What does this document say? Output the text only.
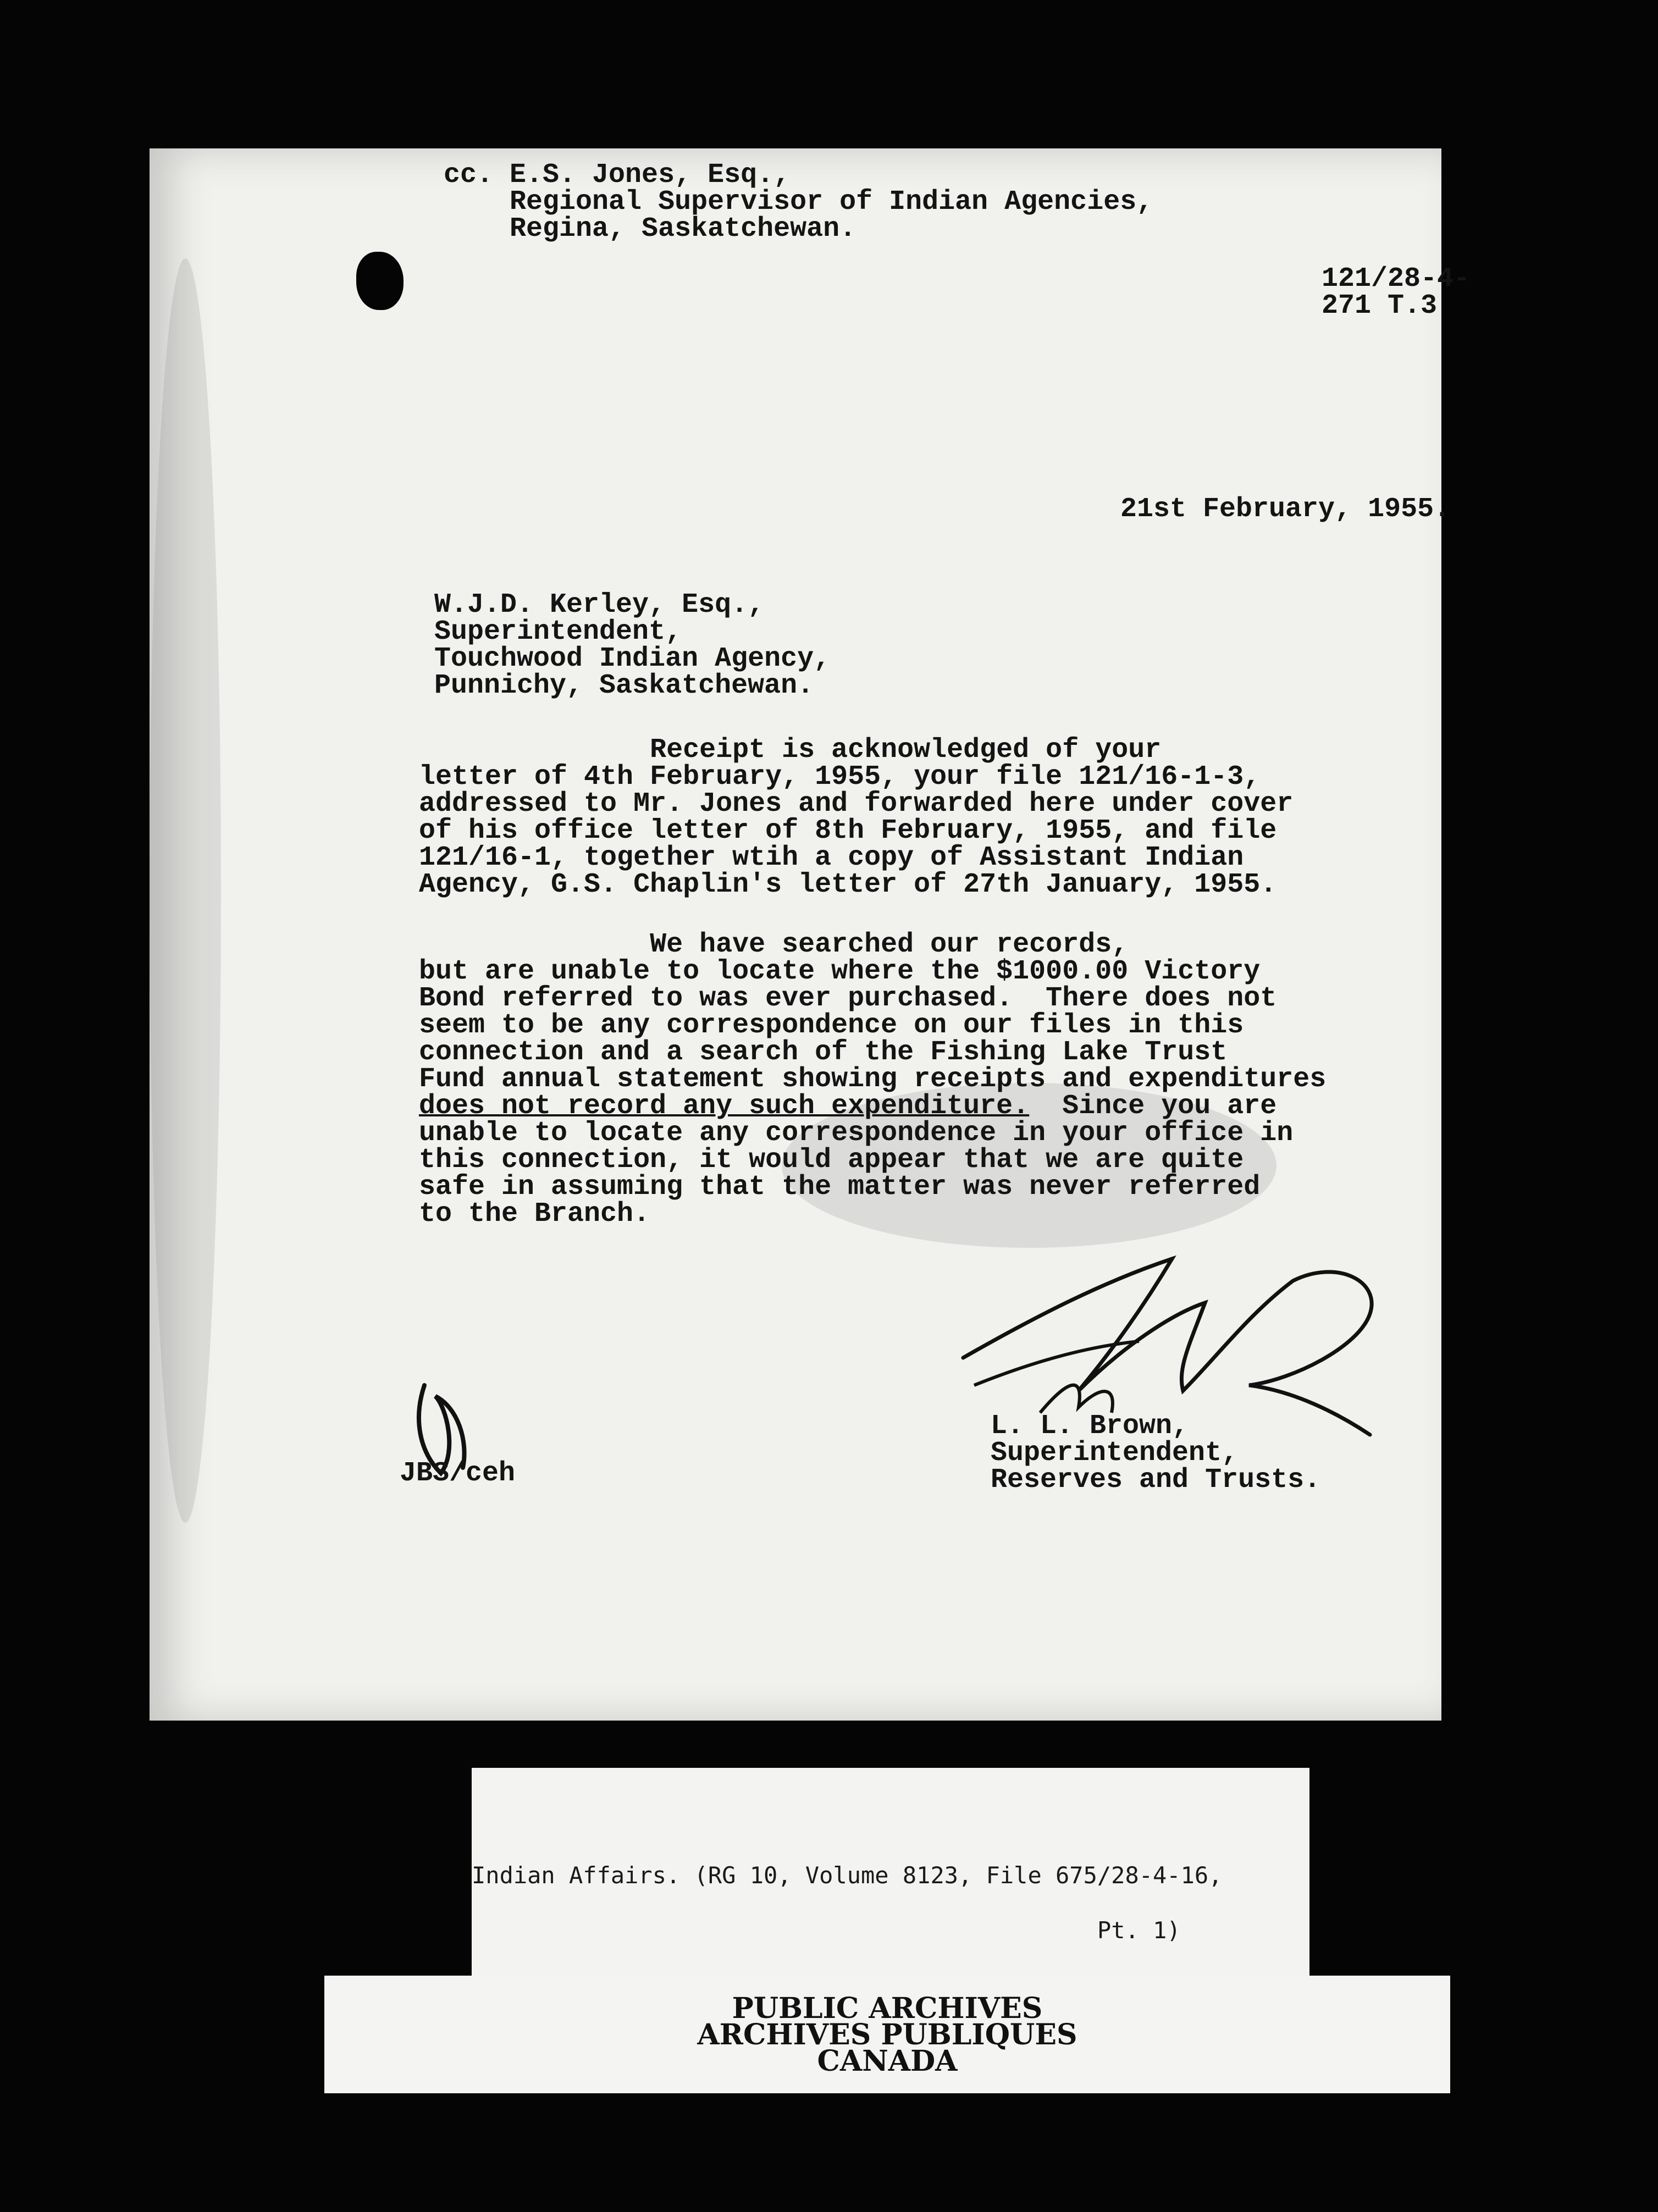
cc. E.S. Jones, Esq.,
Regional Supervisor of Indian Agencies,
Regina, Saskatchewan.
121/28-4-
271 T.3
21st February, 1955.
W.J.D. Kerley, Esq.,
Superintendent,
Touchwood Indian Agency,
Punnichy, Saskatchewan.
Receipt is acknowledged of your
letter of 4th February, 1955, your file 121/16-1-3,
addressed to Mr. Jones and forwarded here under cover
of his office letter of 8th February, 1955, and file
121/16-1, together wtih a copy of Assistant Indian
Agency, G.S. Chaplin's letter of 27th January, 1955.
We have searched our records,
but are unable to locate where the $1000.00 Victory
Bond referred to was ever purchased.  There does not
seem to be any correspondence on our files in this
connection and a search of the Fishing Lake Trust
Fund annual statement showing receipts and expenditures
does not record any such expenditure.  Since you are
unable to locate any correspondence in your office in
this connection, it would appear that we are quite
safe in assuming that the matter was never referred
to the Branch.
JBS/ceh
L. L. Brown,
Superintendent,
Reserves and Trusts.
Indian Affairs. (RG 10, Volume 8123, File 675/28-4-16,
Pt. 1)

PUBLIC ARCHIVES
ARCHIVES PUBLIQUES
CANADA
